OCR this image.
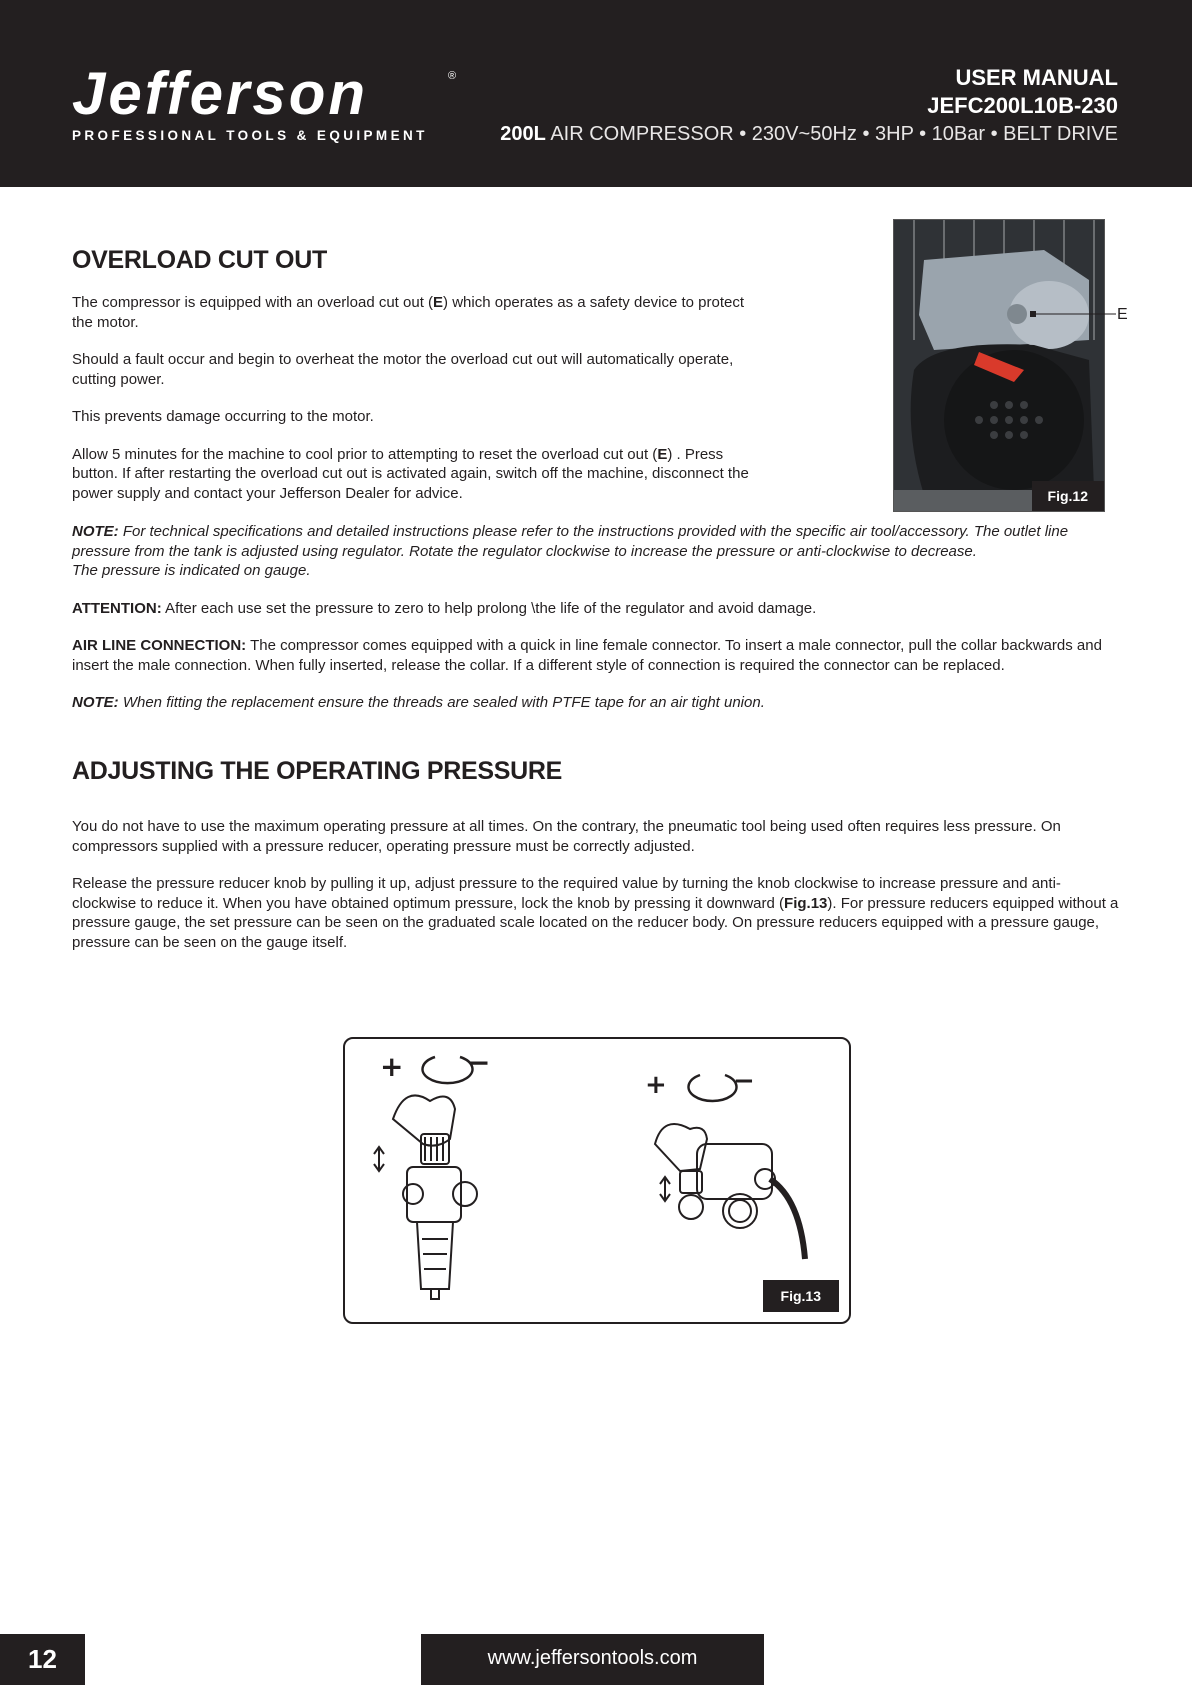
Jefferson	®
PROFESSIONAL TOOLS & EQUIPMENT
USER MANUAL
JEFC200L10B-230
200L AIR COMPRESSOR • 230V~50Hz • 3HP • 10Bar • BELT DRIVE
OVERLOAD CUT OUT

The compressor is equipped with an overload cut out (E) which operates as a safety device to protect the motor.

Should a fault occur and begin to overheat the motor the overload cut out will automatically operate, cutting power.

This prevents damage occurring to the motor.

Allow 5 minutes for the machine to cool prior to attempting to reset the overload cut out (E) . Press button. If after restarting the overload cut out is activated again, switch off the machine, disconnect the power supply and contact your Jefferson Dealer for advice.	Fig.12
E

NOTE: For technical specifications and detailed instructions please refer to the instructions provided with the specific air tool/accessory. The outlet line pressure from the tank is adjusted using regulator. Rotate the regulator clockwise to increase the pressure or anti-clockwise to decrease.

The pressure is indicated on gauge.

ATTENTION: After each use set the pressure to zero to help prolong \the life of the regulator and avoid damage.

AIR LINE CONNECTION: The compressor comes equipped with a quick in line female connector. To insert a male connector, pull the collar backwards and insert the male connection. When fully inserted, release the collar. If a different style of connection is required the connector can be replaced.

NOTE: When fitting the replacement ensure the threads are sealed with PTFE tape for an air tight union.

ADJUSTING THE OPERATING PRESSURE

You do not have to use the maximum operating pressure at all times. On the contrary, the pneumatic tool being used often requires less pressure. On compressors supplied with a pressure reducer, operating pressure must be correctly adjusted.

Release the pressure reducer knob by pulling it up, adjust pressure to the required value by turning the knob clockwise to increase pressure and anti-clockwise to reduce it. When you have obtained optimum pressure, lock the knob by pressing it downward (Fig.13). For pressure reducers equipped without a pressure gauge, the set pressure can be seen on the graduated scale located on the reducer body. On pressure reducers equipped with a pressure gauge, pressure can be seen on the gauge itself.

+ −
+	−
Fig.13
12	www.jeffersontools.com
